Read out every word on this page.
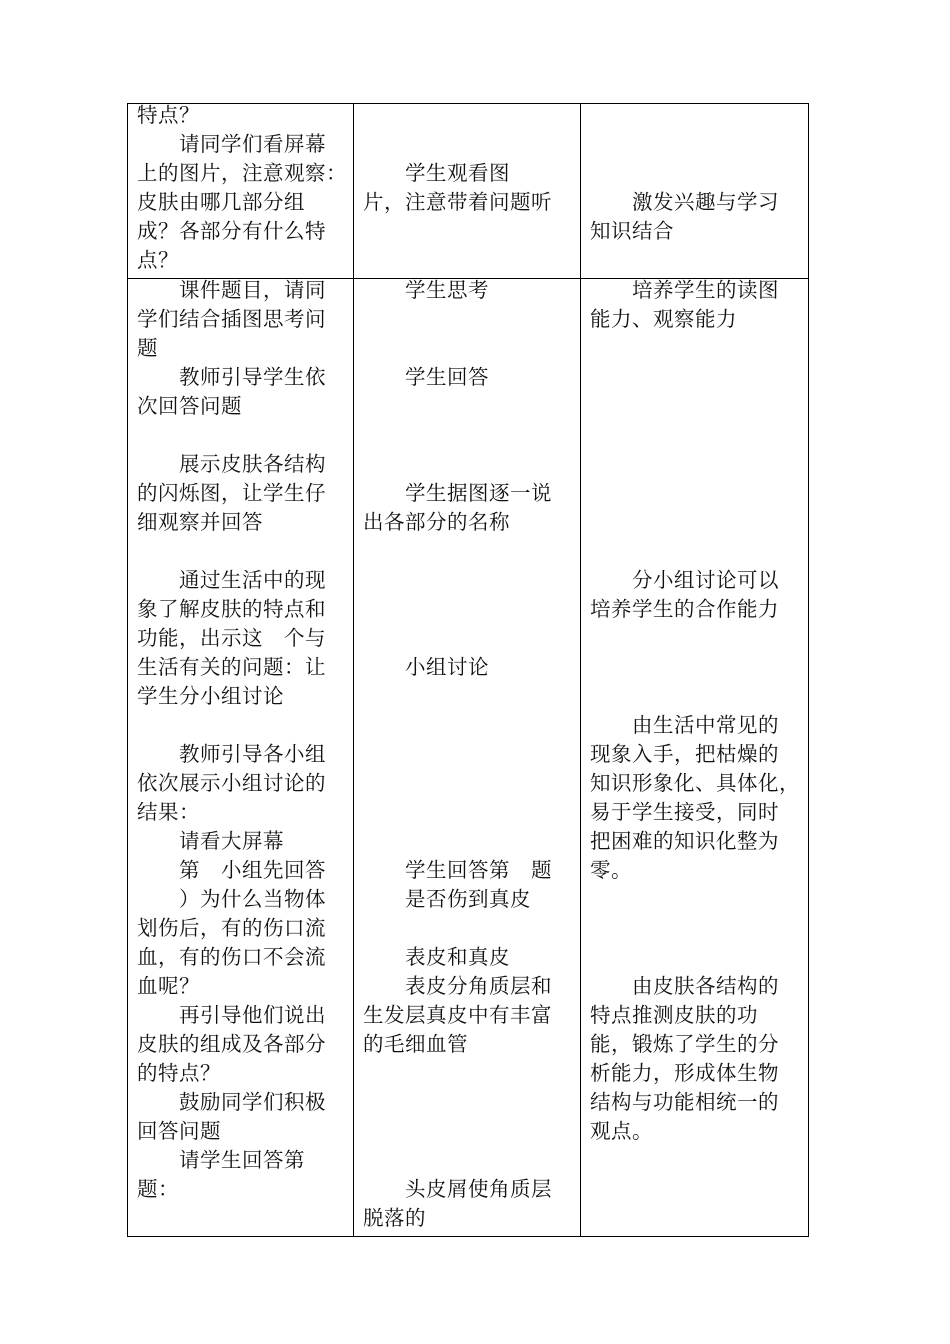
特点？
　　请同学们看屏幕
上的图片，注意观察：
皮肤由哪几部分组
成？各部分有什么特
点？
　　学生观看图
片，注意带着问题听 　　激发兴趣与学习
知识结合
　　课件题目，请同
学们结合插图思考问
题
　　教师引导学生依
次回答问题
　　展示皮肤各结构
的闪烁图，让学生仔
细观察并回答
　　通过生活中的现
象了解皮肤的特点和
功能，出示这　个与
生活有关的问题：让
学生分小组讨论
　　教师引导各小组
依次展示小组讨论的
结果：
　　请看大屏幕
　　第　小组先回答
　　）为什么当物体
划伤后，有的伤口流
血，有的伤口不会流
血呢？
　　再引导他们说出
皮肤的组成及各部分
的特点？
　　鼓励同学们积极
回答问题
　　请学生回答第
题：
　　学生思考
　　学生回答
　　学生据图逐一说
出各部分的名称
　　小组讨论
　　学生回答第　题
　　是否伤到真皮
　　表皮和真皮
　　表皮分角质层和
生发层真皮中有丰富
的毛细血管
　　头皮屑使角质层
脱落的
　　培养学生的读图
能力、观察能力
　　分小组讨论可以
培养学生的合作能力
　　由生活中常见的
现象入手，把枯燥的
知识形象化、具体化，
易于学生接受，同时
把困难的知识化整为
零。
　　由皮肤各结构的
特点推测皮肤的功
能，锻炼了学生的分
析能力，形成体生物
结构与功能相统一的
观点。
